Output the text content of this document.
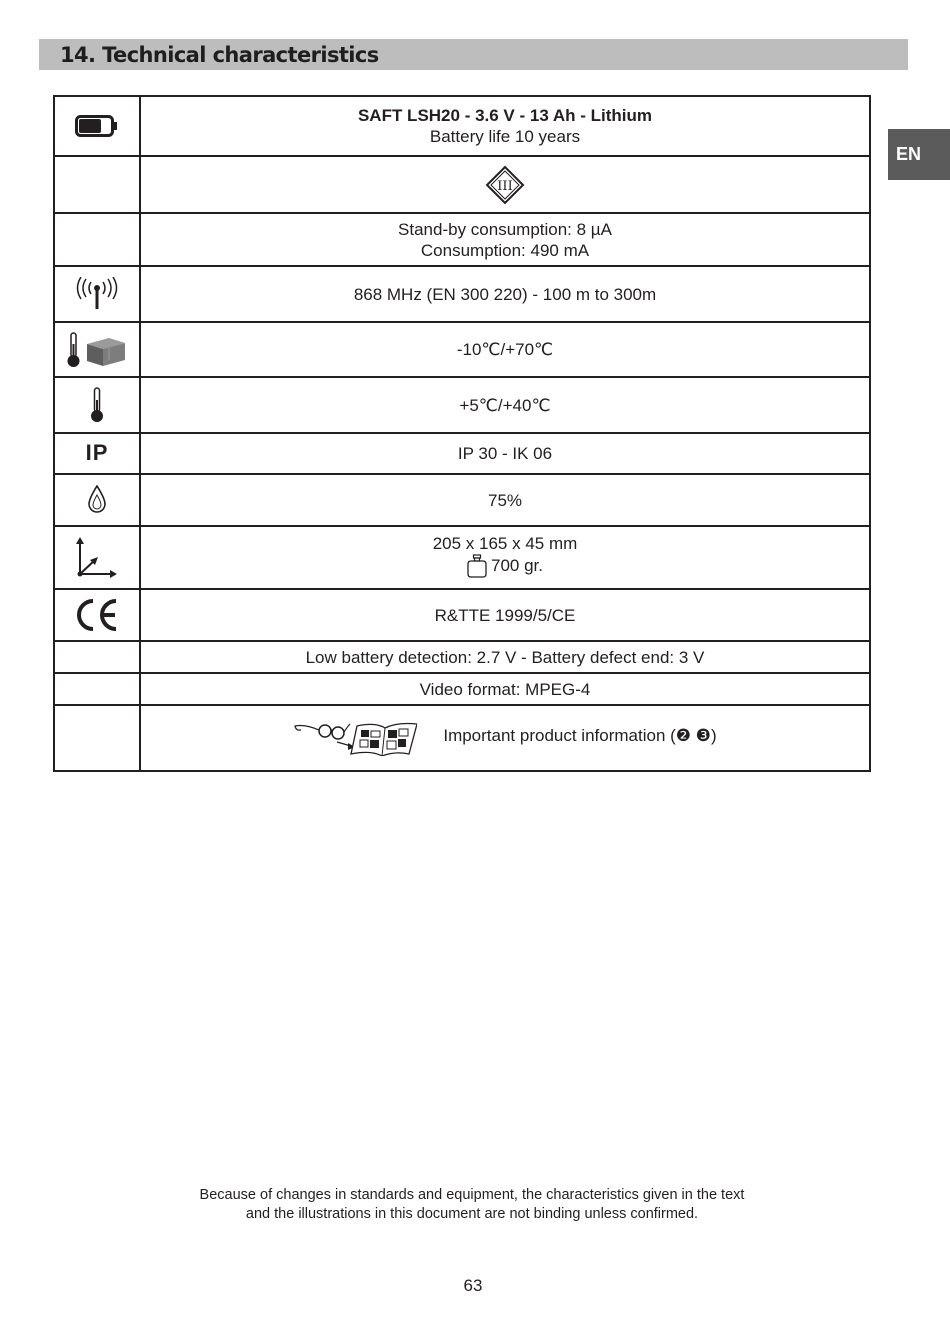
14. Technical characteristics
EN

SAFT LSH20 - 3.6 V - 13 Ah - Lithium
Battery life 10 years

III

	Stand-by consumption: 8 µA
Consumption: 490 mA

	868 MHz (EN 300 220) - 100 m to 300m
	-10℃/+70℃
	+5℃/+40℃
IP	IP 30 - IK 06
	75%

205 x 165 x 45 mm
700 gr.

	R&TTE 1999/5/CE
	Low battery detection: 2.7 V - Battery defect end: 3 V
	Video format: MPEG-4

	Important product information (❷ ❸)
Because of changes in standards and equipment, the characteristics given in the text
and the illustrations in this document are not binding unless confirmed.
63
